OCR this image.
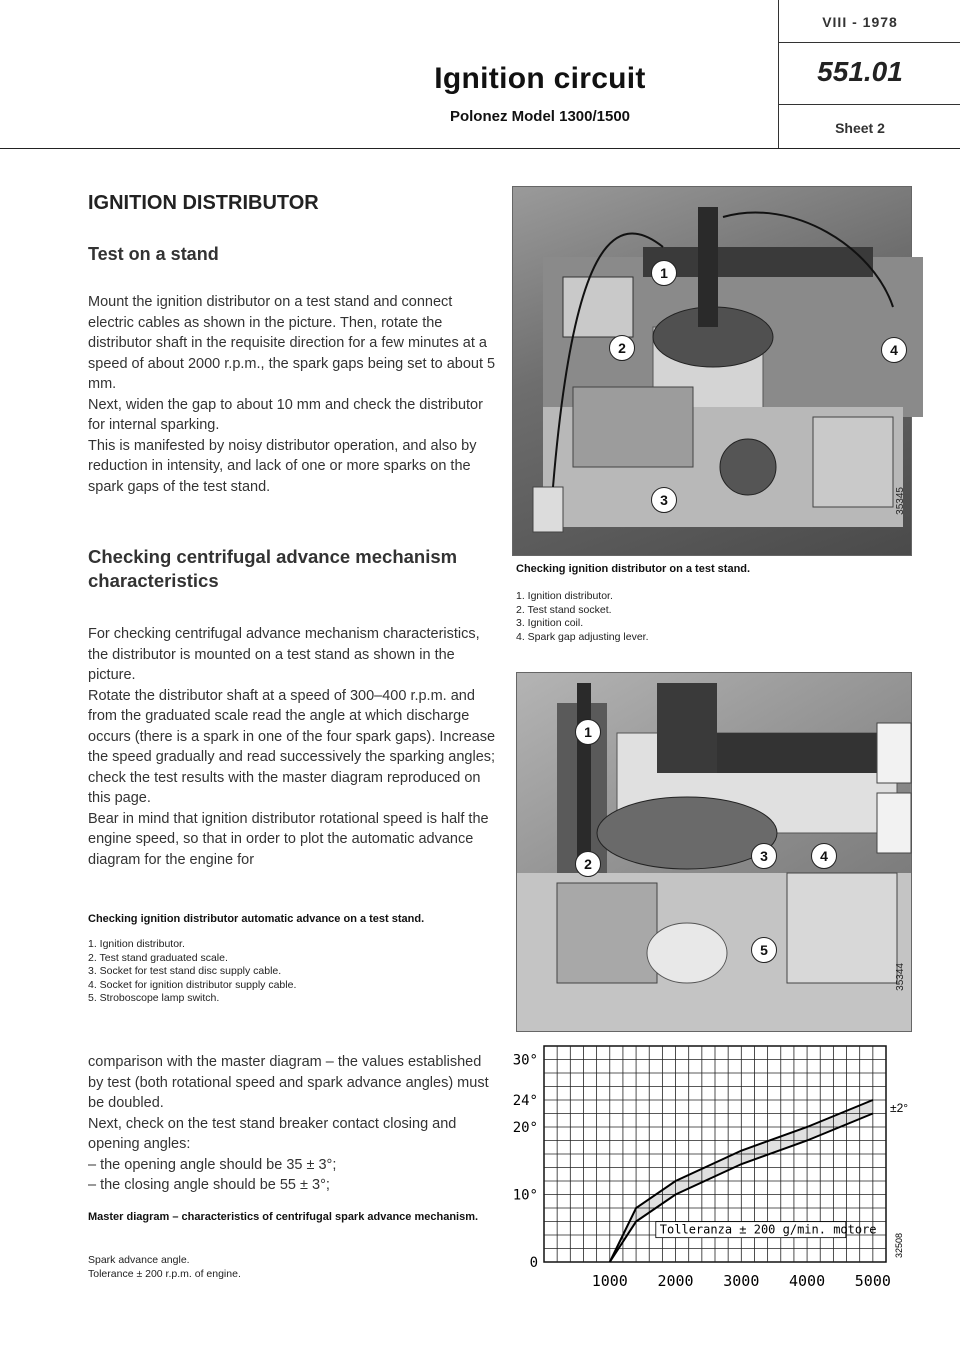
Ignition circuit
Polonez Model 1300/1500
VIII - 1978
551.01
Sheet 2
IGNITION DISTRIBUTOR
Test on a stand

Mount the ignition distributor on a test stand and connect electric cables as shown in the picture. Then, rotate the distributor shaft in the requisite direction for a few minutes at a speed of about 2000 r.p.m., the spark gaps being set to about 5 mm.

Next, widen the gap to about 10 mm and check the distributor for internal sparking.

This is manifested by noisy distributor operation, and also by reduction in intensity, and lack of one or more sparks on the spark gaps of the test stand.

Checking centrifugal advance mechanism
characteristics

For checking centrifugal advance mechanism characteristics, the distributor is mounted on a test stand as shown in the picture.

Rotate the distributor shaft at a speed of 300–400 r.p.m. and from the graduated scale read the angle at which discharge occurs (there is a spark in one of the four spark gaps). Increase the speed gradually and read successively the sparking angles; check the test results with the master diagram reproduced on this page.

Bear in mind that ignition distributor rotational speed is half the engine speed, so that in order to plot the automatic advance diagram for the engine for

Checking ignition distributor automatic advance on a test stand.
1. Ignition distributor.
2. Test stand graduated scale.
3. Socket for test stand disc supply cable.
4. Socket for ignition distributor supply cable.
5. Stroboscope lamp switch.

comparison with the master diagram – the values established by test (both rotational speed and spark advance angles) must be doubled.

Next, check on the test stand breaker contact closing and opening angles:

– the opening angle should be 35 ± 3°;

– the closing angle should be 55 ± 3°;

Master diagram – characteristics of centrifugal spark advance mechanism.
Spark advance angle.
Tolerance ± 200 r.p.m. of engine.
1
2
3
4
35345
Checking ignition distributor on a test stand.
1. Ignition distributor.
2. Test stand socket.
3. Ignition coil.
4. Spark gap adjusting lever.
1
2	3	4
5
35344
1000 2000 3000 4000 5000
0
10°
20°
24°
30°
±2°
Tolleranza ± 200 g/min. motore
32508
